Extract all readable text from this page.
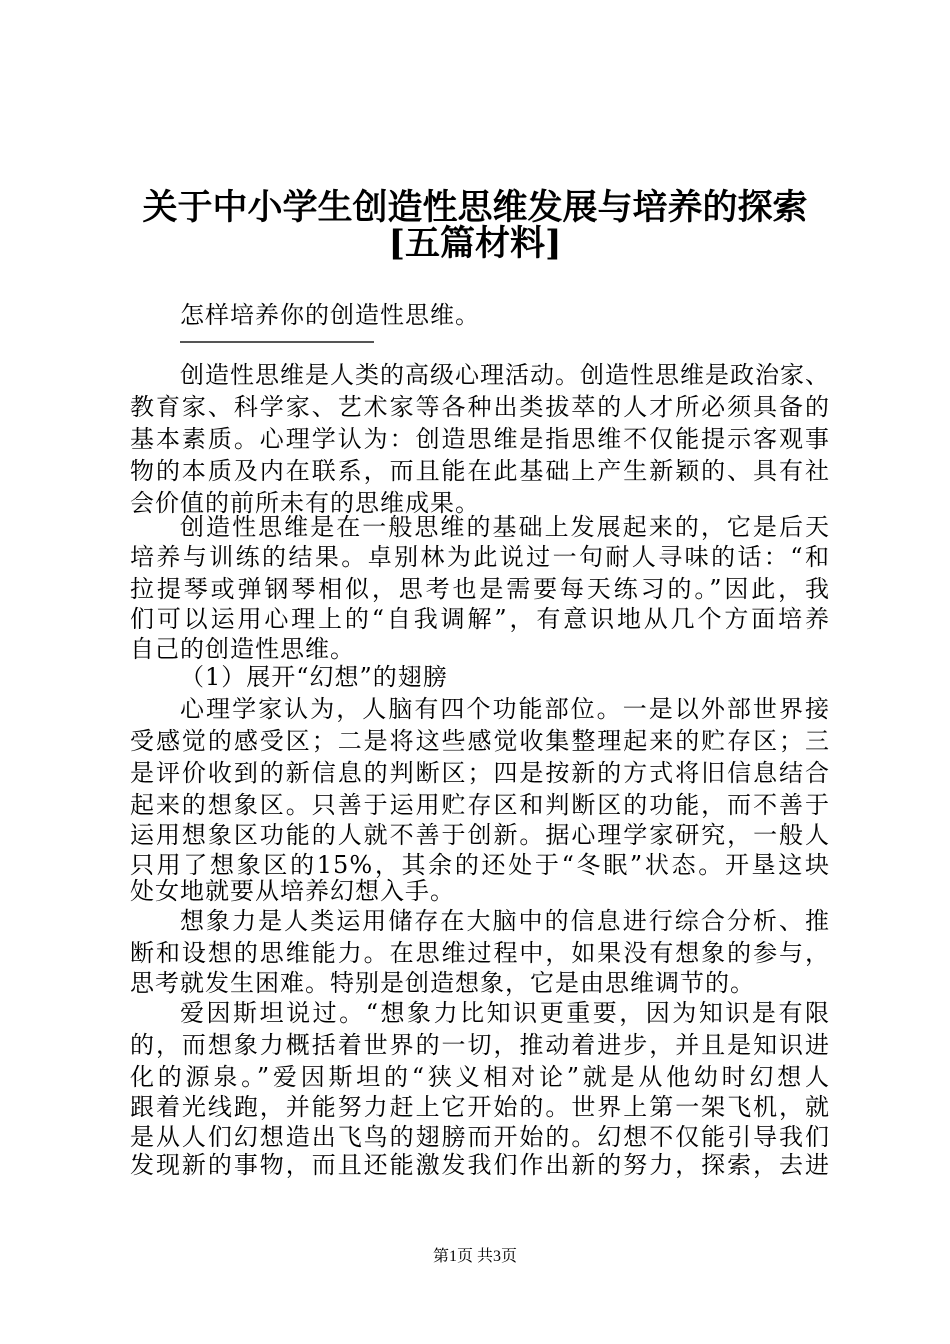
关于中小学生创造性思维发展与培养的探索
[五篇材料]
怎样培养你的创造性思维。
创造性思维是人类的高级心理活动。创造性思维是政治家、
教育家、科学家、艺术家等各种出类拔萃的人才所必须具备的
基本素质。心理学认为：创造思维是指思维不仅能提示客观事
物的本质及内在联系，而且能在此基础上产生新颖的、具有社
会价值的前所未有的思维成果。
创造性思维是在一般思维的基础上发展起来的，它是后天
培养与训练的结果。卓别林为此说过一句耐人寻味的话：“和
拉提琴或弹钢琴相似，思考也是需要每天练习的。”因此，我
们可以运用心理上的“自我调解”，有意识地从几个方面培养
自己的创造性思维。
（1）展开“幻想”的翅膀
心理学家认为，人脑有四个功能部位。一是以外部世界接
受感觉的感受区；二是将这些感觉收集整理起来的贮存区；三
是评价收到的新信息的判断区；四是按新的方式将旧信息结合
起来的想象区。只善于运用贮存区和判断区的功能，而不善于
运用想象区功能的人就不善于创新。据心理学家研究，一般人
只用了想象区的15%，其余的还处于“冬眠”状态。开垦这块
处女地就要从培养幻想入手。
想象力是人类运用储存在大脑中的信息进行综合分析、推
断和设想的思维能力。在思维过程中，如果没有想象的参与，
思考就发生困难。特别是创造想象，它是由思维调节的。
爱因斯坦说过。“想象力比知识更重要，因为知识是有限
的，而想象力概括着世界的一切，推动着进步，并且是知识进
化的源泉。”爱因斯坦的“狭义相对论”就是从他幼时幻想人
跟着光线跑，并能努力赶上它开始的。世界上第一架飞机，就
是从人们幻想造出飞鸟的翅膀而开始的。幻想不仅能引导我们
发现新的事物，而且还能激发我们作出新的努力，探索，去进
第1页 共3页
